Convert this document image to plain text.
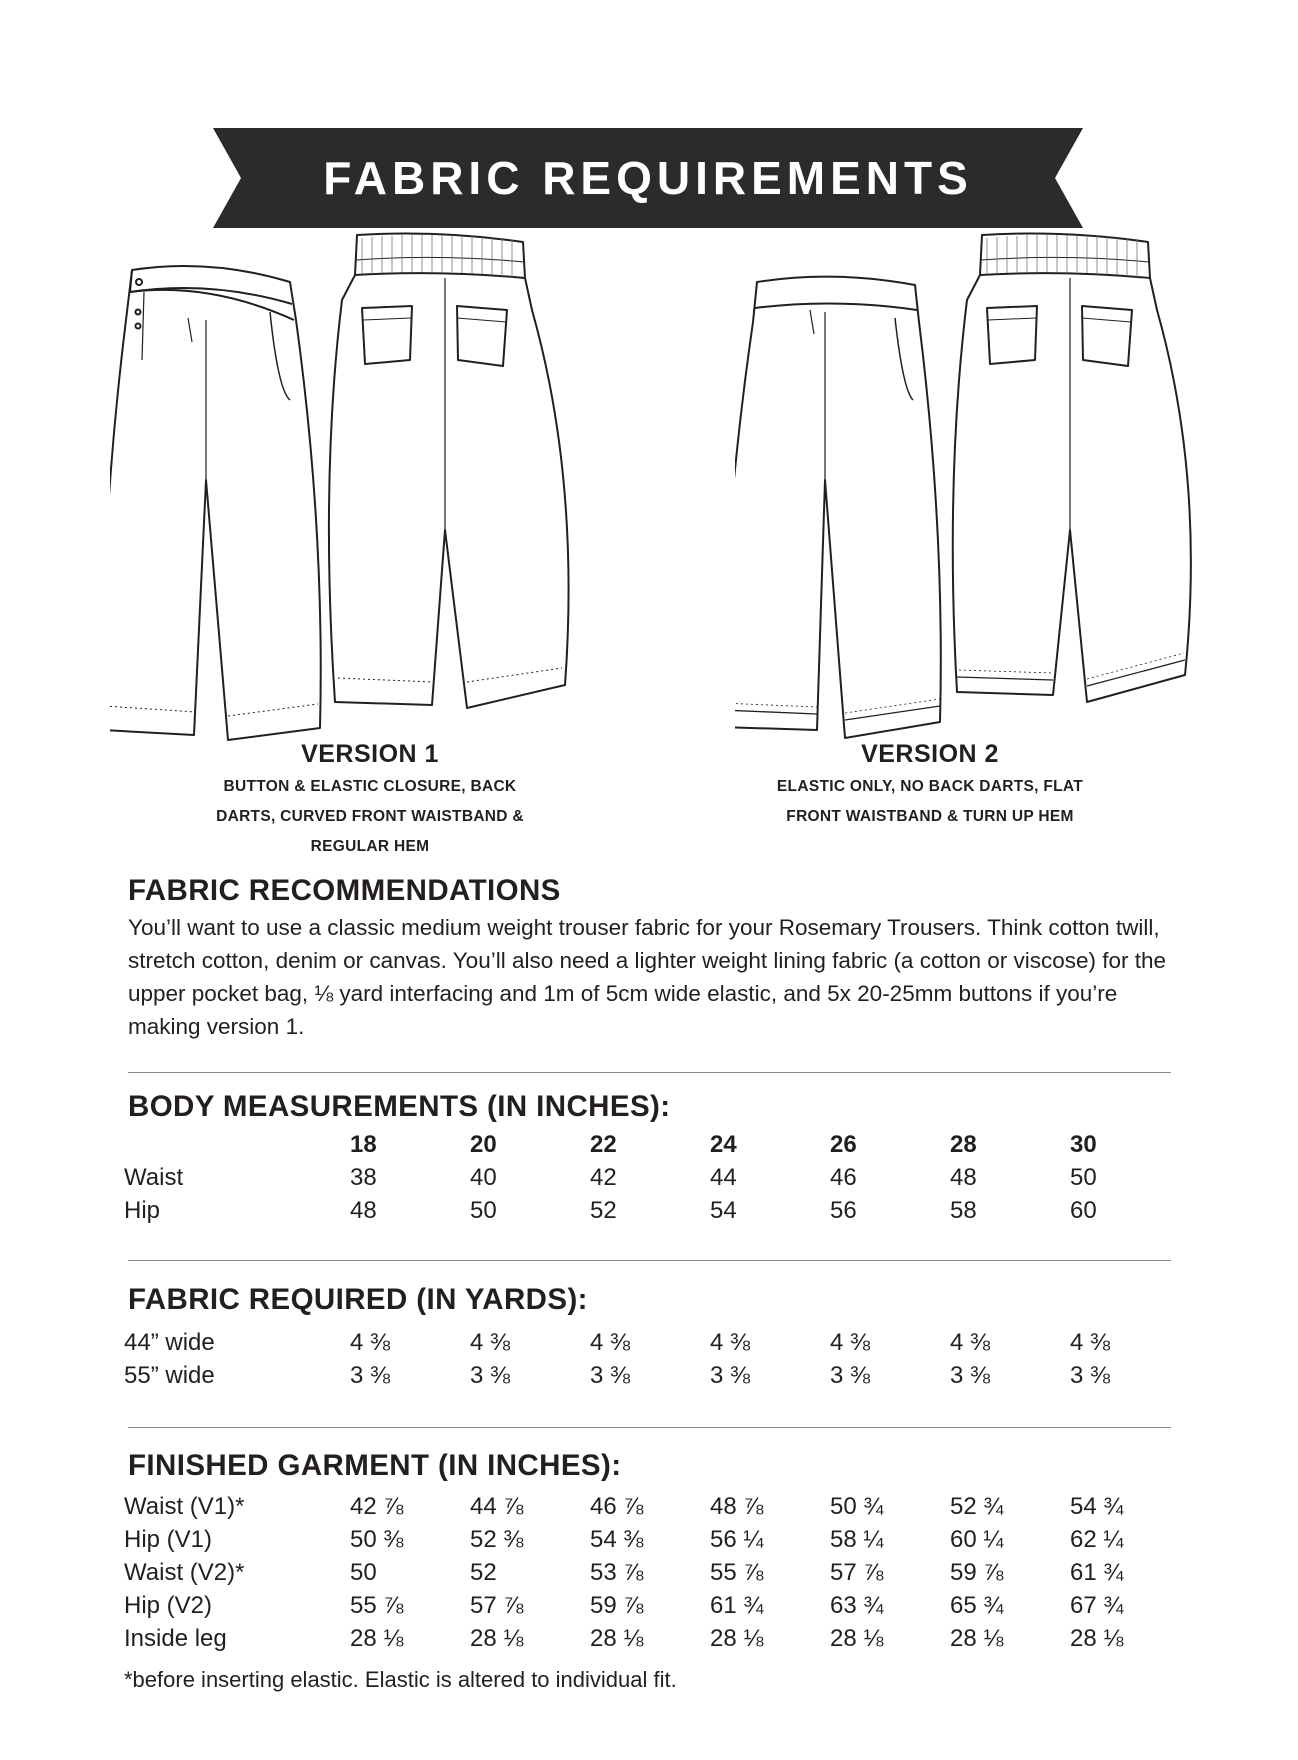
FABRIC REQUIREMENTS
VERSION 1
BUTTON & ELASTIC CLOSURE, BACK
DARTS, CURVED FRONT WAISTBAND &
REGULAR HEM
VERSION 2
ELASTIC ONLY, NO BACK DARTS, FLAT
FRONT WAISTBAND & TURN UP HEM
FABRIC RECOMMENDATIONS
You’ll want to use a classic medium weight trouser fabric for your Rosemary Trousers. Think cotton twill, stretch cotton, denim or canvas. You’ll also need a lighter weight lining fabric (a cotton or viscose) for the upper pocket bag, ⅛ yard interfacing and 1m of 5cm wide elastic, and 5x 20-25mm buttons if you’re making version 1.
BODY MEASUREMENTS (IN INCHES):
	18	20	22	24	26	28	30
Waist	38	40	42	44	46	48	50
Hip	48	50	52	54	56	58	60
FABRIC REQUIRED (IN YARDS):
44” wide	4 ⅜	4 ⅜	4 ⅜	4 ⅜	4 ⅜	4 ⅜	4 ⅜
55” wide	3 ⅜	3 ⅜	3 ⅜	3 ⅜	3 ⅜	3 ⅜	3 ⅜
FINISHED GARMENT (IN INCHES):
Waist (V1)*	42 ⅞	44 ⅞	46 ⅞	48 ⅞	50 ¾	52 ¾	54 ¾
Hip (V1)	50 ⅜	52 ⅜	54 ⅜	56 ¼	58 ¼	60 ¼	62 ¼
Waist (V2)*	50	52	53 ⅞	55 ⅞	57 ⅞	59 ⅞	61 ¾
Hip (V2)	55 ⅞	57 ⅞	59 ⅞	61 ¾	63 ¾	65 ¾	67 ¾
Inside leg	28 ⅛	28 ⅛	28 ⅛	28 ⅛	28 ⅛	28 ⅛	28 ⅛
*before inserting elastic. Elastic is altered to individual fit.
